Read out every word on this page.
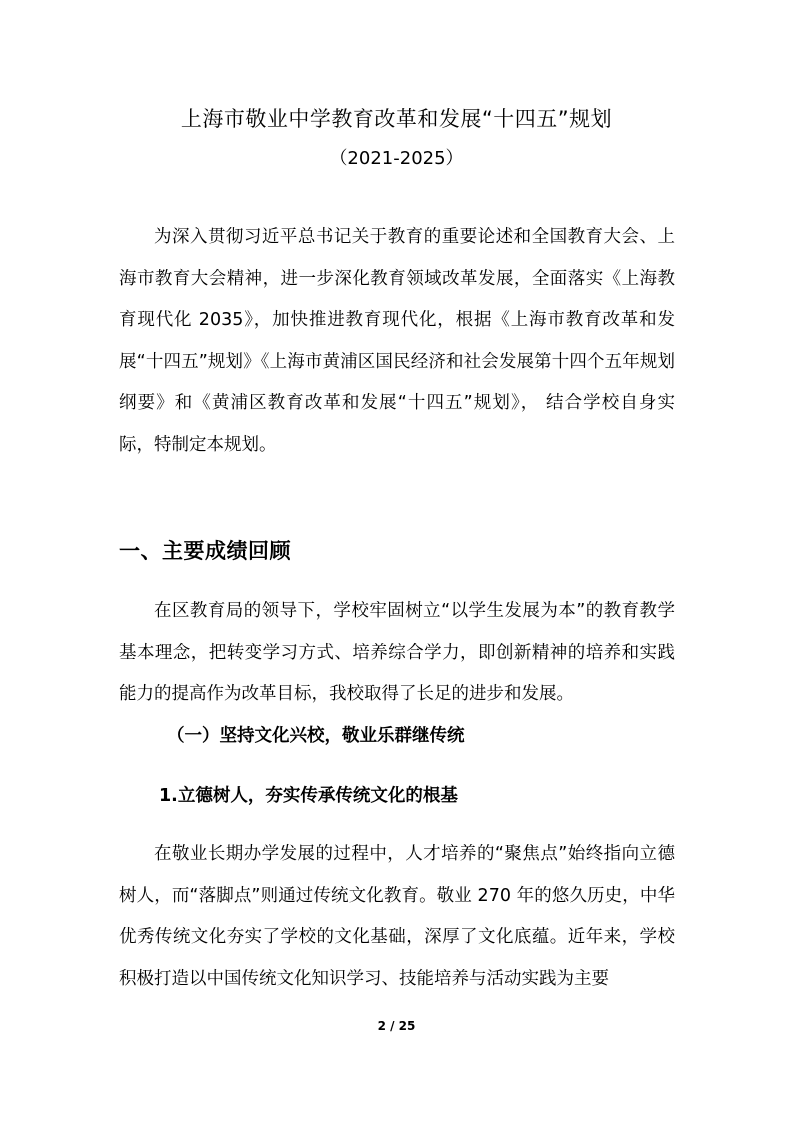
上海市敬业中学教育改革和发展“十四五”规划
（2021-2025）

为深入贯彻习近平总书记关于教育的重要论述和全国教育大会、上海市教育大会精神，进一步深化教育领域改革发展，全面落实《上海教育现代化 2035》，加快推进教育现代化，根据《上海市教育改革和发展“十四五”规划》《上海市黄浦区国民经济和社会发展第十四个五年规划纲要》和《黄浦区教育改革和发展“十四五”规划》， 结合学校自身实际，特制定本规划。

一、主要成绩回顾

在区教育局的领导下，学校牢固树立“以学生发展为本”的教育教学基本理念，把转变学习方式、培养综合学力，即创新精神的培养和实践能力的提高作为改革目标，我校取得了长足的进步和发展。

（一）坚持文化兴校，敬业乐群继传统
1.立德树人，夯实传承传统文化的根基

在敬业长期办学发展的过程中，人才培养的“聚焦点”始终指向立德树人，而“落脚点”则通过传统文化教育。敬业 270 年的悠久历史，中华优秀传统文化夯实了学校的文化基础，深厚了文化底蕴。近年来，学校积极打造以中国传统文化知识学习、技能培养与活动实践为主要

2 / 25
